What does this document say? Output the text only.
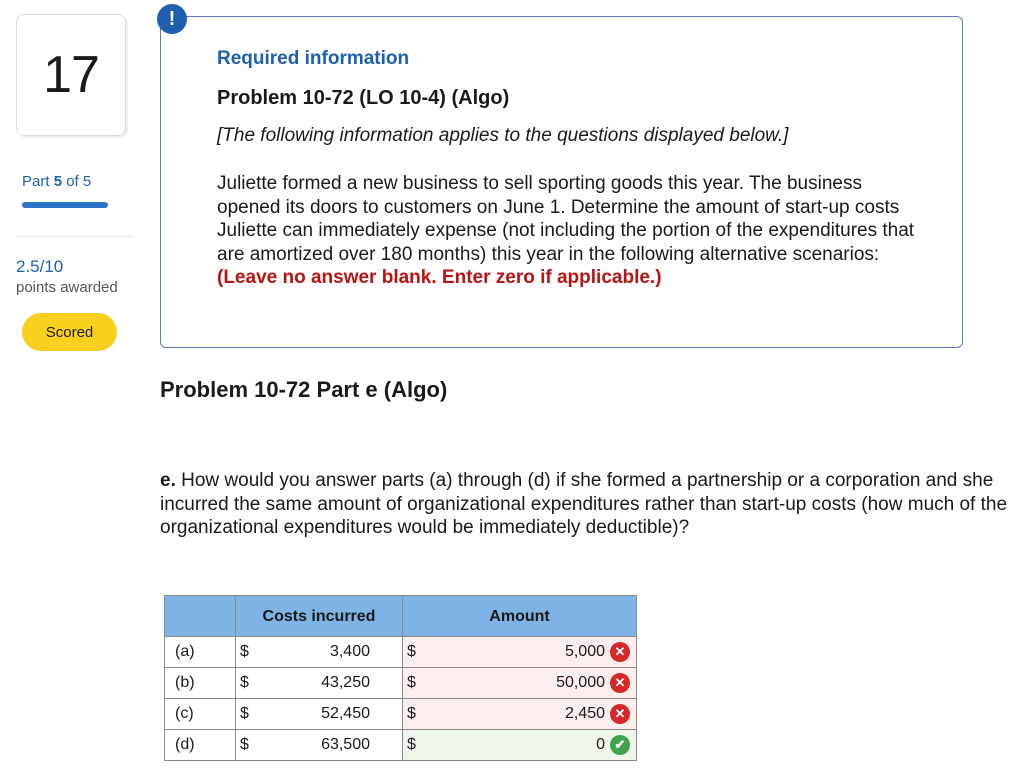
17
Part 5 of 5
2.5/10
points awarded
Scored
!
Required information
Problem 10-72 (LO 10-4) (Algo)
[The following information applies to the questions displayed below.]
Juliette formed a new business to sell sporting goods this year. The business opened its doors to customers on June 1. Determine the amount of start-up costs Juliette can immediately expense (not including the portion of the expenditures that are amortized over 180 months) this year in the following alternative scenarios: (Leave no answer blank. Enter zero if applicable.)
Problem 10-72 Part e (Algo)
e. How would you answer parts (a) through (d) if she formed a partnership or a corporation and she incurred the same amount of organizational expenditures rather than start-up costs (how much of the organizational expenditures would be immediately deductible)?

	Costs incurred		Amount	
(a)	$	3,400	$	5,000 ✕

(b)	$	43,250	$	50,000 ✕

(c)	$	52,450	$	2,450 ✕

(d)	$	63,500	$	0 ✔
